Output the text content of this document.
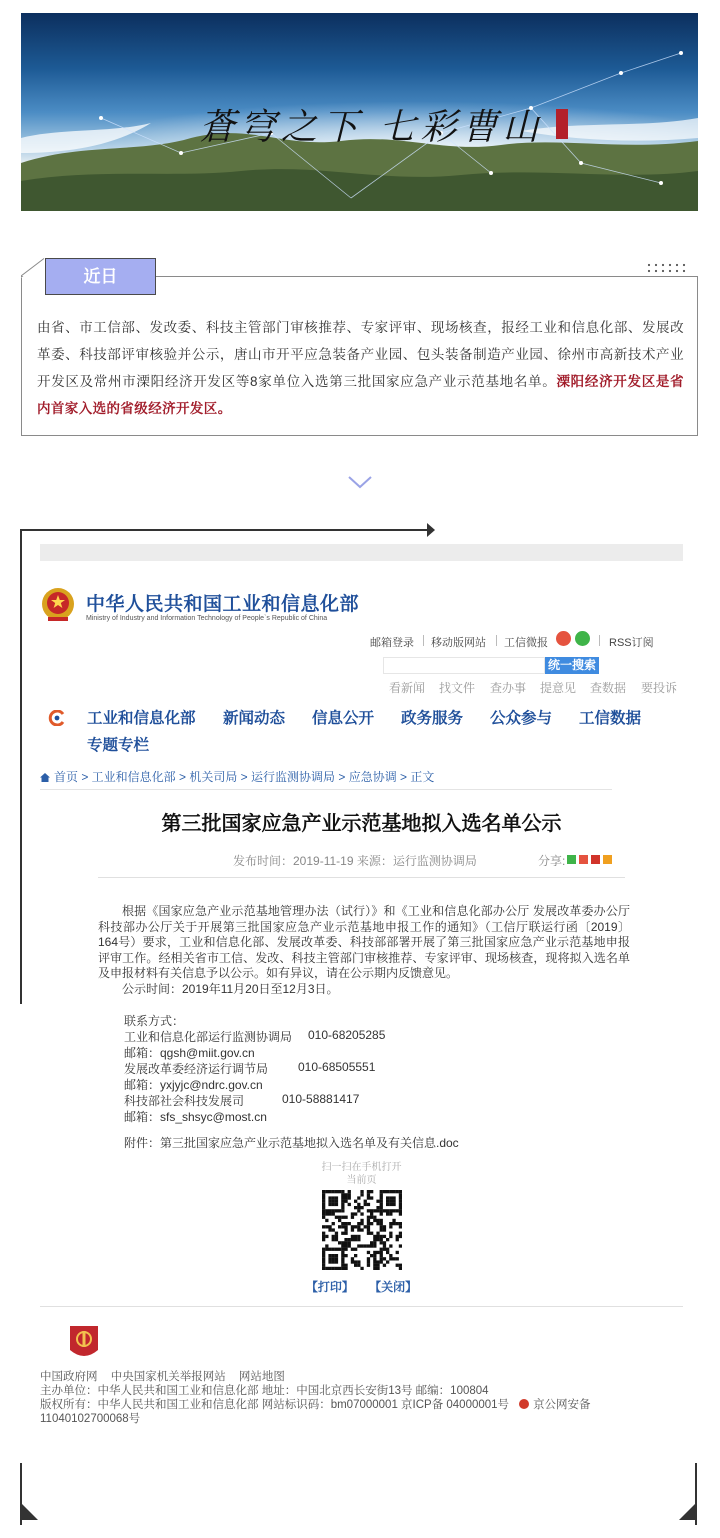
蒼穹之下 七彩曹山
近日
由省、市工信部、发改委、科技主管部门审核推荐、专家评审、现场核查，报经工业和信息化部、发展改革委、科技部评审核验并公示，唐山市开平应急装备产业园、包头装备制造产业园、徐州市高新技术产业开发区及常州市溧阳经济开发区等8家单位入选第三批国家应急产业示范基地名单。溧阳经济开发区是省内首家入选的省级经济开发区。
中华人民共和国工业和信息化部
Ministry of Industry and Information Technology of People`s Republic of China
邮箱登录 移动版网站 工信微报	RSS订阅
统一搜索
看新闻 找文件 查办事 提意见 查数据 要投诉
工业和信息化部 新闻动态 信息公开 政务服务 公众参与 工信数据
专题专栏
首页 > 工业和信息化部 > 机关司局 > 运行监测协调局 > 应急协调 > 正文
第三批国家应急产业示范基地拟入选名单公示
发布时间：2019-11-19 来源：运行监测协调局	分享:

根据《国家应急产业示范基地管理办法（试行）》和《工业和信息化部办公厅 发展改革委办公厅 科技部办公厅关于开展第三批国家应急产业示范基地申报工作的通知》（工信厅联运行函〔2019〕164号）要求，工业和信息化部、发展改革委、科技部部署开展了第三批国家应急产业示范基地申报评审工作。经相关省市工信、发改、科技主管部门审核推荐、专家评审、现场核查，现将拟入选名单及申报材料有关信息予以公示。如有异议，请在公示期内反馈意见。

公示时间：2019年11月20日至12月3日。

联系方式：
工业和信息化部运行监测协调局 010-68205285
邮箱：qgsh@miit.gov.cn
发展改革委经济运行调节局 010-68505551
邮箱：yxjyjc@ndrc.gov.cn
科技部社会科技发展司	010-58881417
邮箱：sfs_shsyc@most.cn
附件：第三批国家应急产业示范基地拟入选名单及有关信息.doc
扫一扫在手机打开
当前页
【打印】 【关闭】
中国政府网 中央国家机关举报网站 网站地图
主办单位：中华人民共和国工业和信息化部 地址：中国北京西长安街13号 邮编：100804
版权所有：中华人民共和国工业和信息化部 网站标识码：bm07000001 京ICP备 04000001号 京公网安备
11040102700068号
